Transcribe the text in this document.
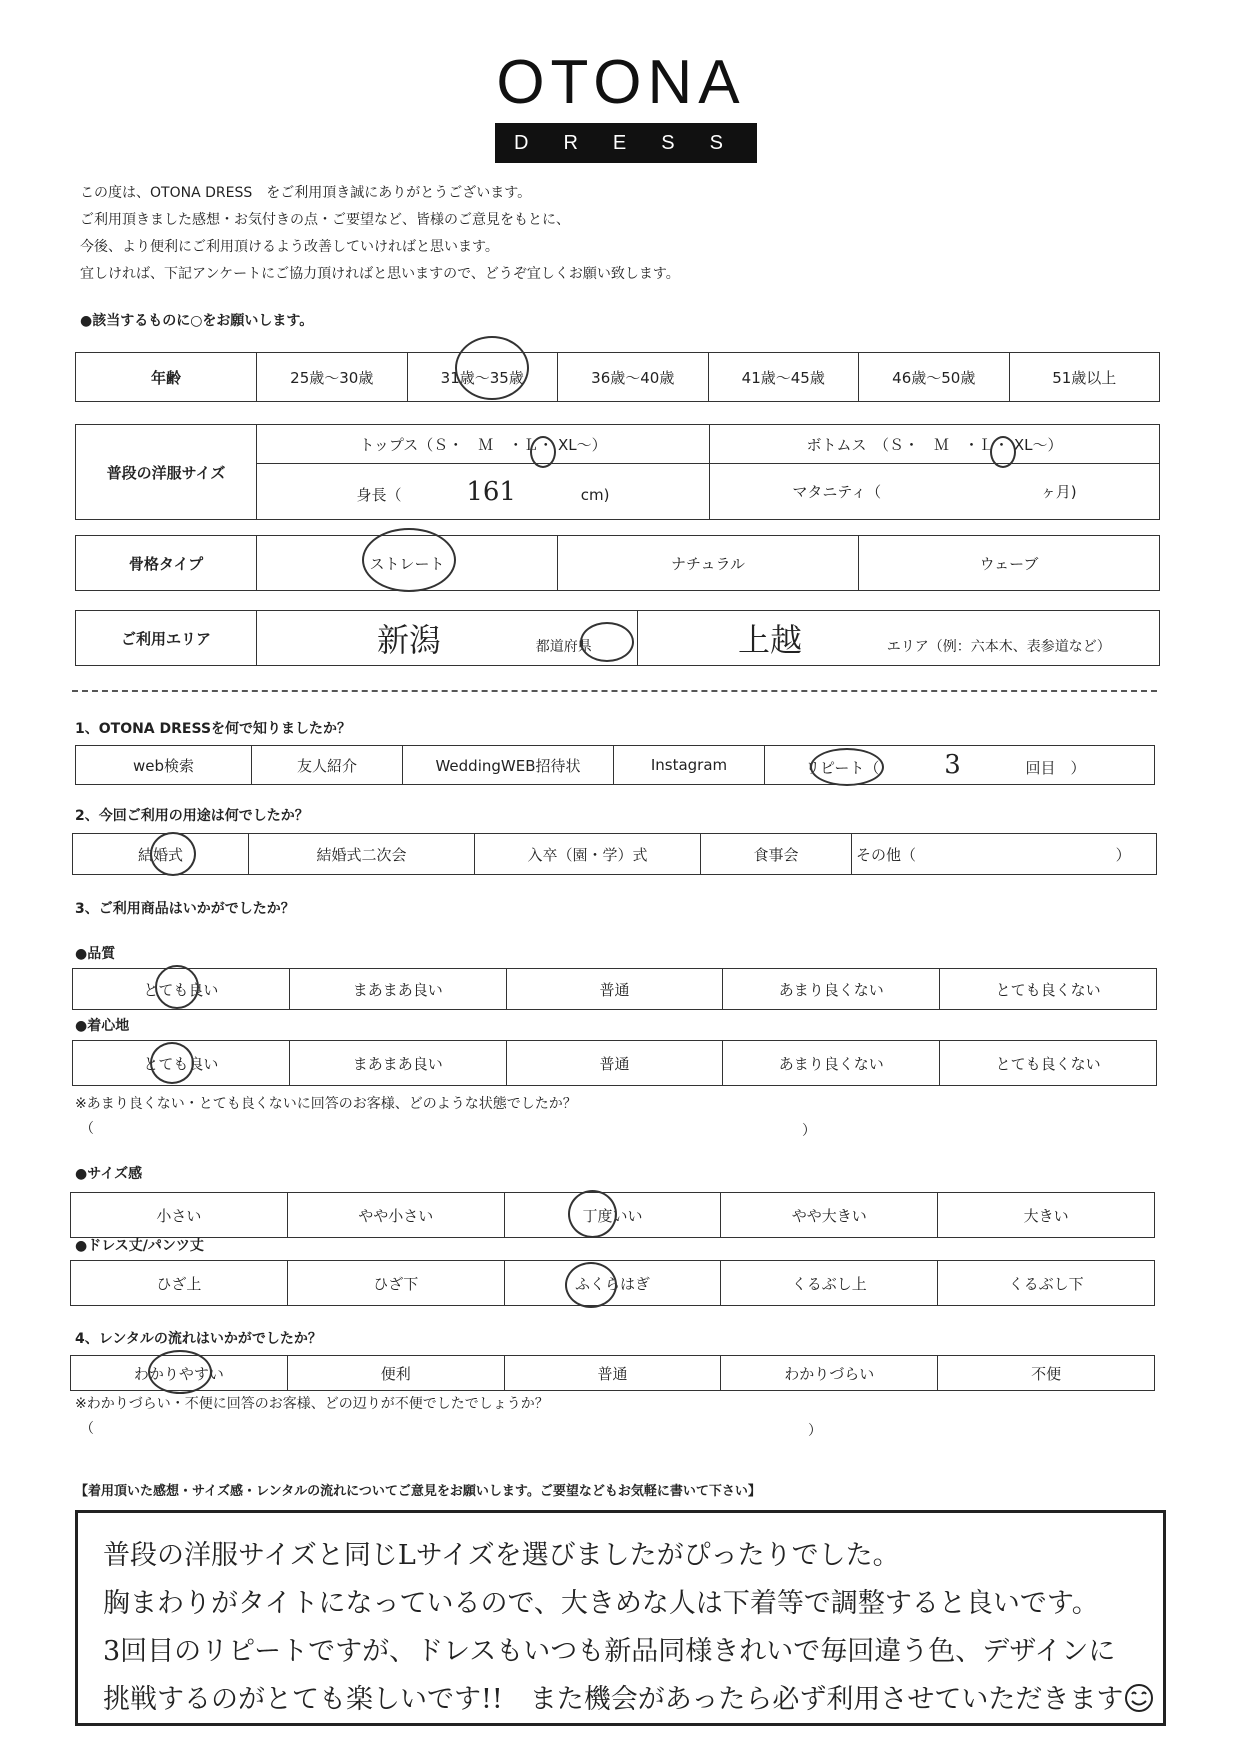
OTONA
DRESS
この度は、OTONA DRESS　をご利用頂き誠にありがとうございます。
ご利用頂きました感想・お気付きの点・ご要望など、皆様のご意見をもとに、
今後、より便利にご利用頂けるよう改善していければと思います。
宜しければ、下記アンケートにご協力頂ければと思いますので、どうぞ宜しくお願い致します。
●該当するものに○をお願いします。
年齢	25歳～30歳	31歳～35歳	36歳～40歳	41歳～45歳	46歳～50歳	51歳以上
普段の洋服サイズ	トップス（Ｓ・　Ｍ　・Ｌ・ XL～）	ボトムス　（Ｓ・　Ｍ　・Ｌ・ XL～）
	身長（ 161 cm)	マタニティ（ ヶ月)
骨格タイプ	ストレート	ナチュラル	ウェーブ
ご利用エリア	新潟	都道府県	上越	エリア（例：六本木、表参道など）
1、OTONA DRESSを何で知りましたか？
web検索	友人紹介	WeddingWEB招待状	Instagram	リピート（ 3	回目　）
2、今回ご利用の用途は何でしたか？
結婚式	結婚式二次会	入卒（園・学）式	食事会	その他（	）
3、ご利用商品はいかがでしたか？
●品質
とても良い	まあまあ良い	普通	あまり良くない	とても良くない
●着心地
とても良い	まあまあ良い	普通	あまり良くない	とても良くない
※あまり良くない・とても良くないに回答のお客様、どのような状態でしたか？
（	）
●サイズ感
小さい	やや小さい	丁度いい	やや大きい	大きい
●ドレス丈/パンツ丈
ひざ上	ひざ下	ふくらはぎ	くるぶし上	くるぶし下
4、レンタルの流れはいかがでしたか？
わかりやすい	便利	普通	わかりづらい	不便
※わかりづらい・不便に回答のお客様、どの辺りが不便でしたでしょうか？
（	）
【着用頂いた感想・サイズ感・レンタルの流れについてご意見をお願いします。ご要望などもお気軽に書いて下さい】
普段の洋服サイズと同じLサイズを選びましたがぴったりでした。
胸まわりがタイトになっているので、大きめな人は下着等で調整すると良いです。
3回目のリピートですが、ドレスもいつも新品同様きれいで毎回違う色、デザインに
挑戦するのがとても楽しいです!!　また機会があったら必ず利用させていただきます
